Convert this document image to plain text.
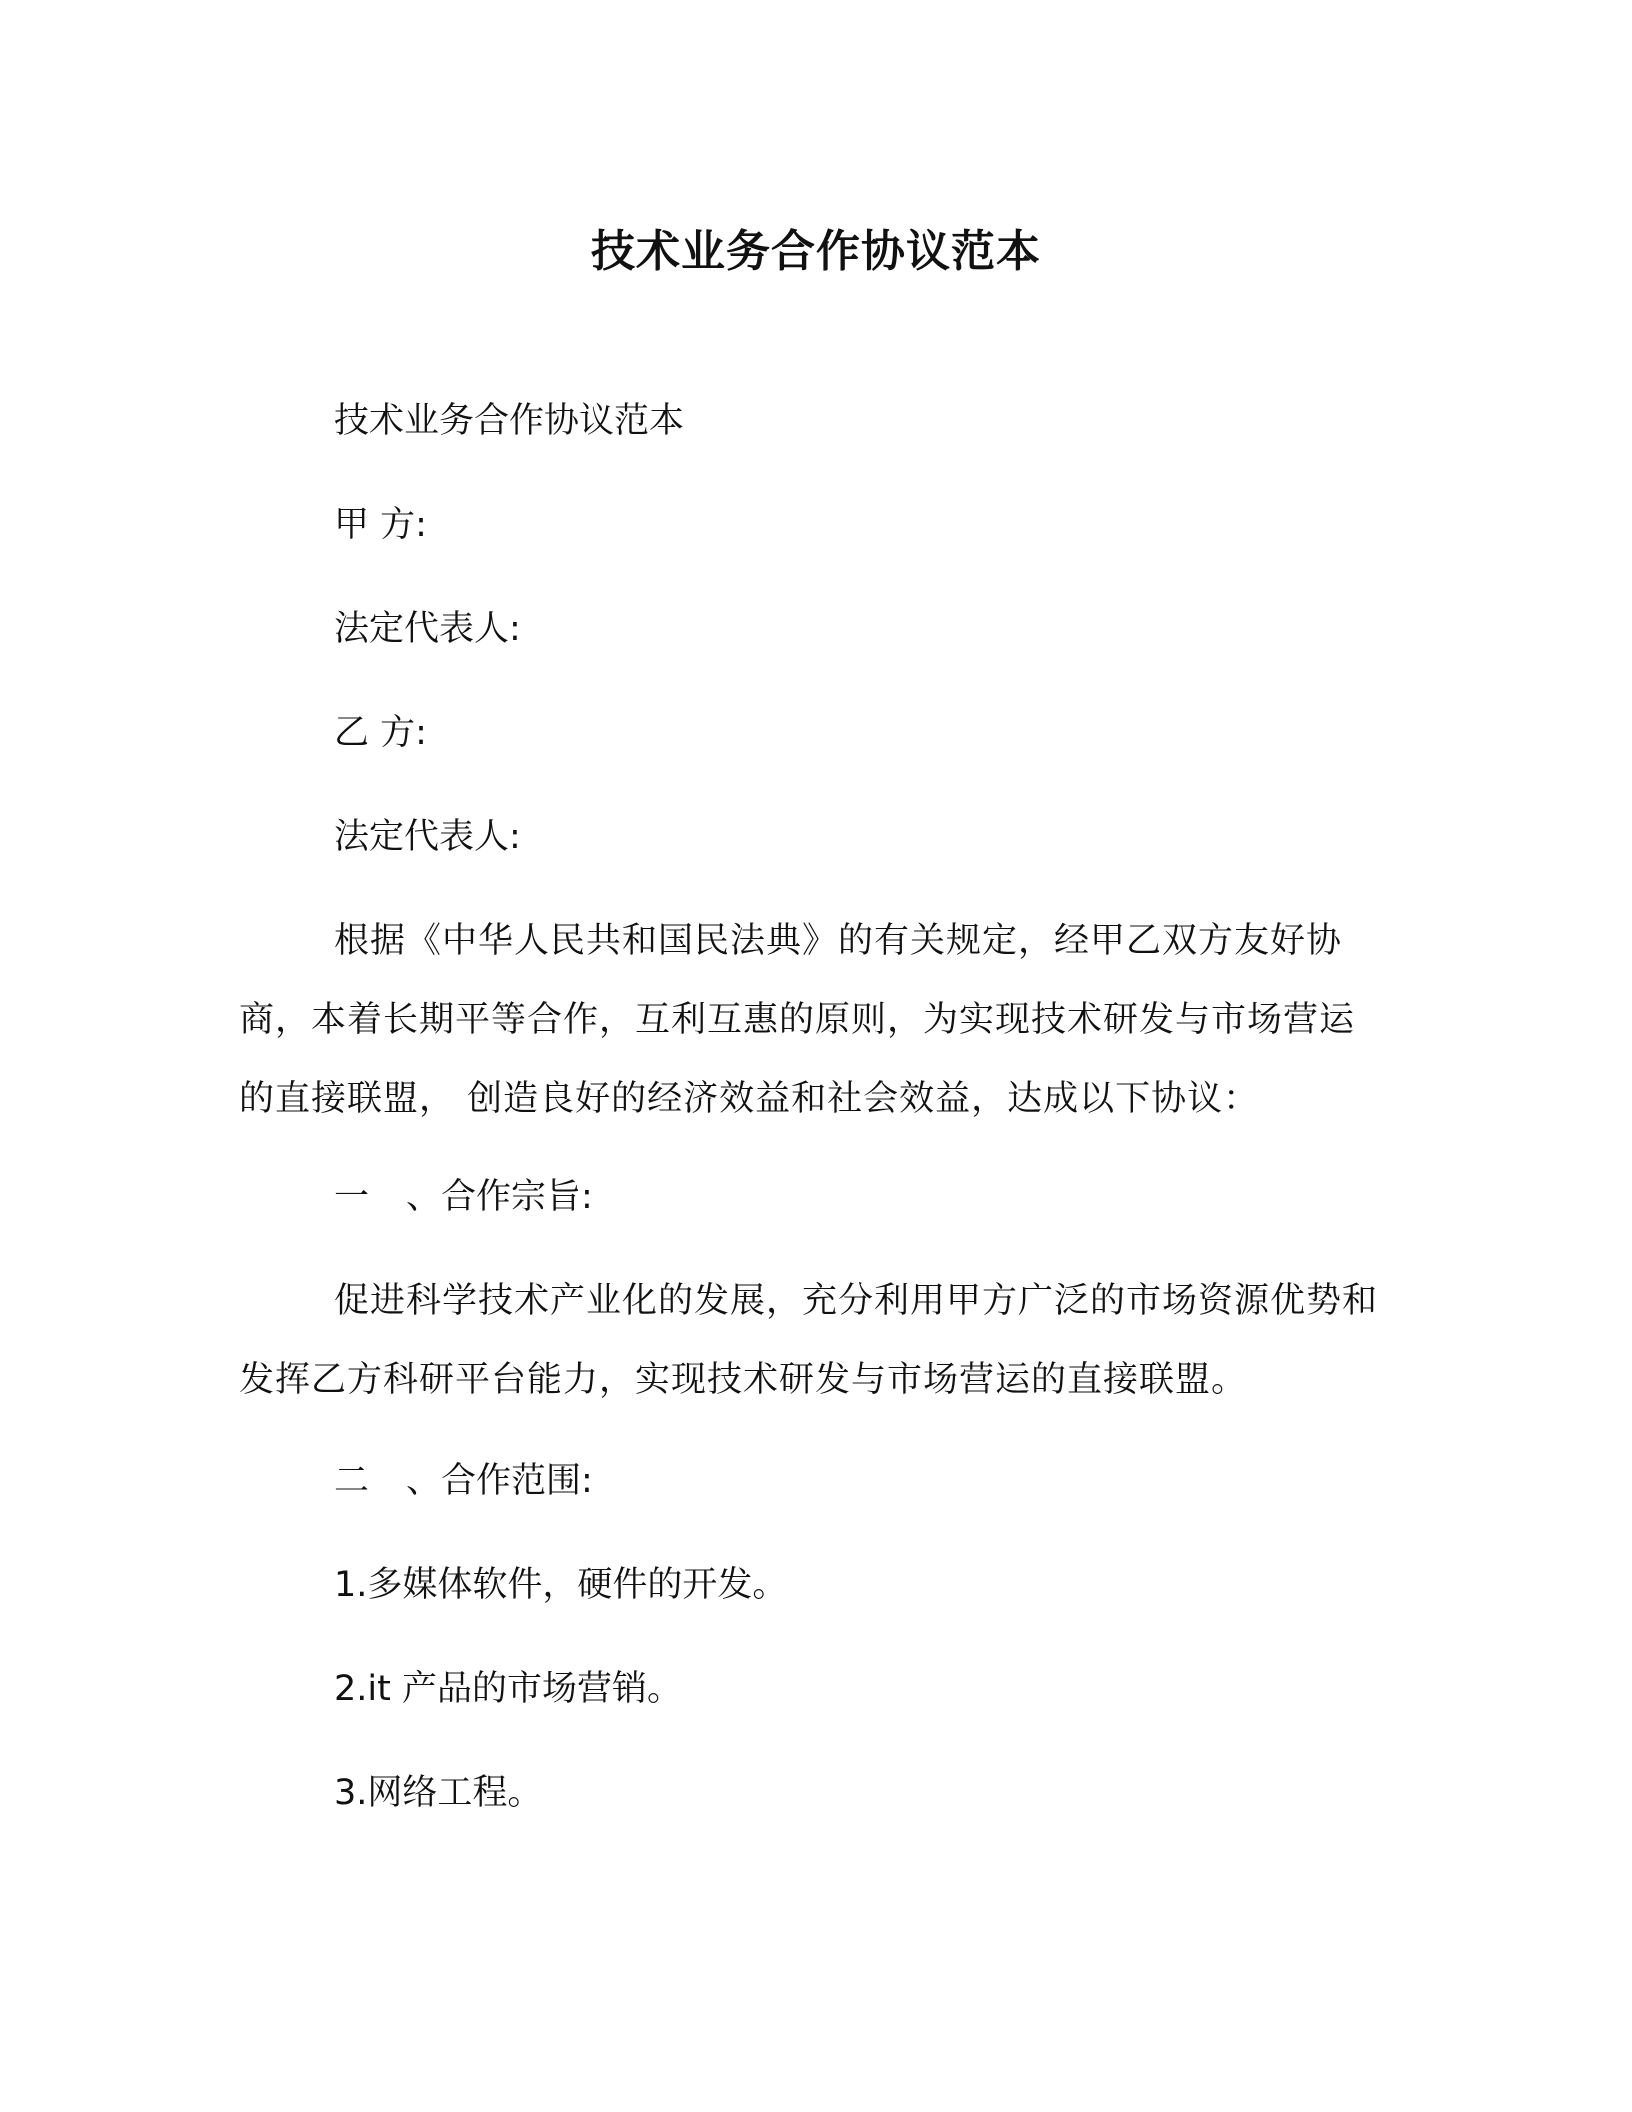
技术业务合作协议范本
技术业务合作协议范本
甲 方:
法定代表人:
乙 方:
法定代表人:

根据《中华人民共和国民法典》的有关规定，经甲乙双方友好协商，本着长期平等合作，互利互惠的原则，为实现技术研发与市场营运的直接联盟， 创造良好的经济效益和社会效益，达成以下协议：

一 、合作宗旨:

促进科学技术产业化的发展，充分利用甲方广泛的市场资源优势和发挥乙方科研平台能力，实现技术研发与市场营运的直接联盟。

二 、合作范围:
1.多媒体软件，硬件的开发。
2.it 产品的市场营销。
3.网络工程。
